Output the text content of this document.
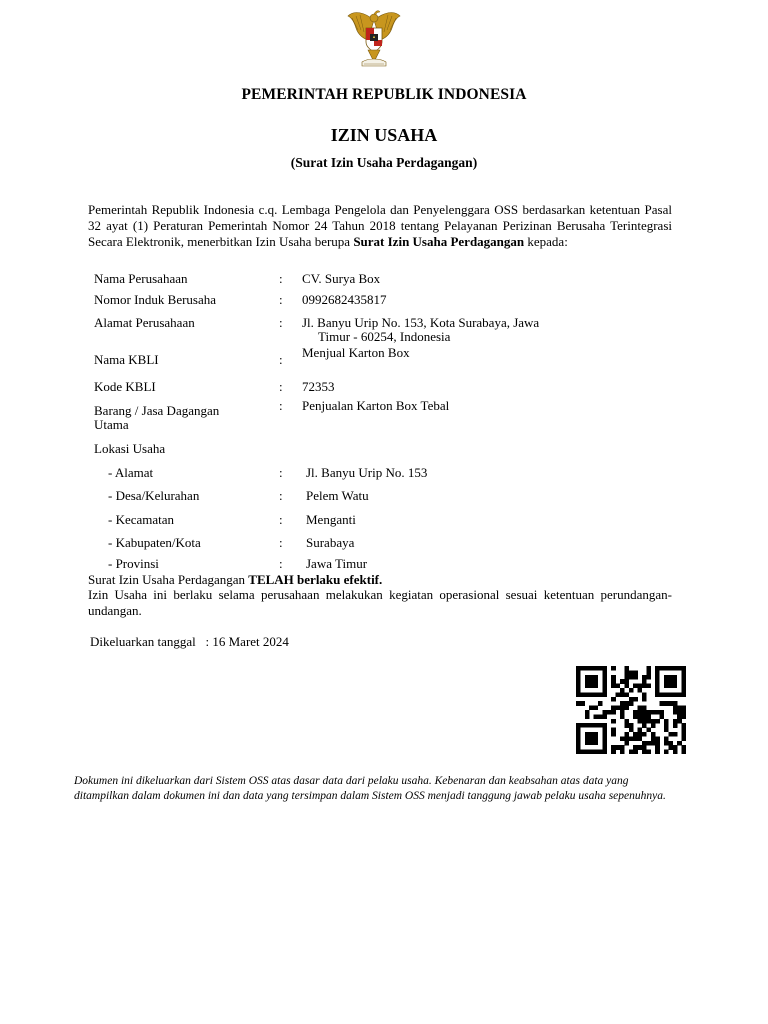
PEMERINTAH REPUBLIK INDONESIA
IZIN USAHA
(Surat Izin Usaha Perdagangan)
Pemerintah Republik Indonesia c.q. Lembaga Pengelola dan Penyelenggara OSS berdasarkan ketentuan Pasal 32 ayat (1) Peraturan Pemerintah Nomor 24 Tahun 2018 tentang Pelayanan Perizinan Berusaha Terintegrasi Secara Elektronik, menerbitkan Izin Usaha berupa Surat Izin Usaha Perdagangan kepada:
Nama Perusahaan	: CV. Surya Box
Nomor Induk Berusaha	: 0992682435817
Alamat Perusahaan	: Jl. Banyu Urip No. 153, Kota Surabaya, Jawa
Timur - 60254, Indonesia
Nama KBLI	: Menjual Karton Box
Kode KBLI	: 72353
Barang / Jasa Dagangan
Utama
: Penjualan Karton Box Tebal
Lokasi Usaha
- Alamat	: Jl. Banyu Urip No. 153
- Desa/Kelurahan	: Pelem Watu
- Kecamatan	: Menganti
- Kabupaten/Kota	: Surabaya
- Provinsi	: Jawa Timur
Surat Izin Usaha Perdagangan TELAH berlaku efektif.
Izin Usaha ini berlaku selama perusahaan melakukan kegiatan operasional sesuai ketentuan perundangan-undangan.
Dikeluarkan tanggal : 16 Maret 2024
Dokumen ini dikeluarkan dari Sistem OSS atas dasar data dari pelaku usaha. Kebenaran dan keabsahan atas data yang ditampilkan dalam dokumen ini dan data yang tersimpan dalam Sistem OSS menjadi tanggung jawab pelaku usaha sepenuhnya.
